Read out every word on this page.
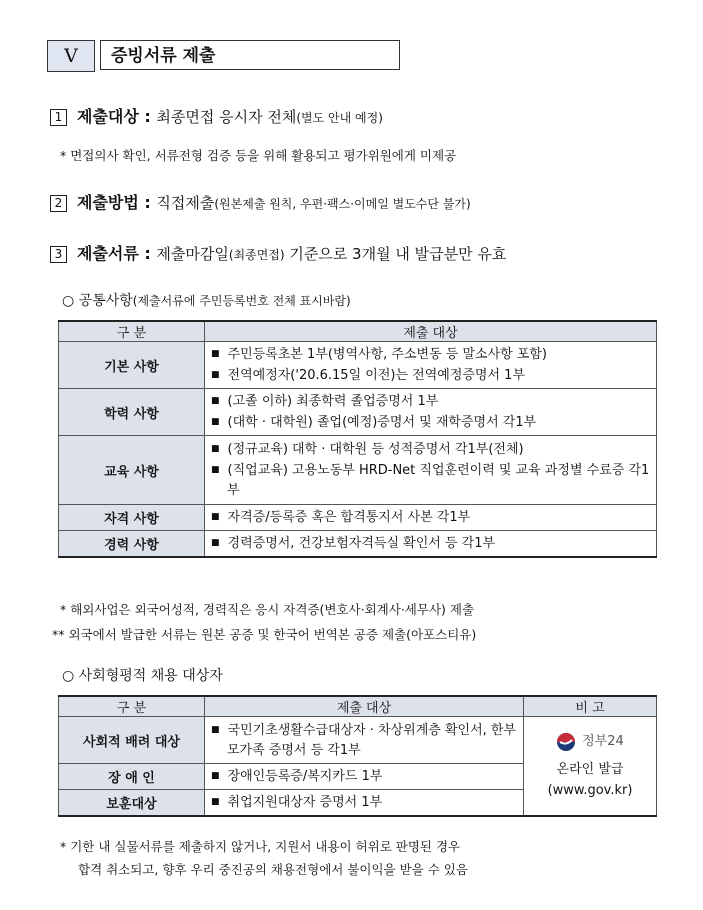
V	증빙서류 제출
1 제출대상 : 최종면접 응시자 전체(별도 안내 예정)
* 면접의사 확인, 서류전형 검증 등을 위해 활용되고 평가위원에게 미제공
2 제출방법 : 직접제출(원본제출 원칙, 우편·팩스·이메일 별도수단 불가)
3 제출서류 : 제출마감일(최종면접) 기준으로 3개월 내 발급분만 유효
○ 공통사항(제출서류에 주민등록번호 전체 표시바람)
구 분	제출 대상
기본 사항	■ 주민등록초본 1부(병역사항, 주소변동 등 말소사항 포함)
■ 전역예정자('20.6.15일 이전)는 전역예정증명서 1부

학력 사항	■ (고졸 이하) 최종학력 졸업증명서 1부
■ (대학 · 대학원) 졸업(예정)증명서 및 재학증명서 각1부

교육 사항	■ (정규교육) 대학 · 대학원 등 성적증명서 각1부(전체)
■ (직업교육) 고용노동부 HRD-Net 직업훈련이력 및 교육 과정별 수료증 각1부

자격 사항	■ 자격증/등록증 혹은 합격통지서 사본 각1부

경력 사항	■ 경력증명서, 건강보험자격득실 확인서 등 각1부
* 해외사업은 외국어성적, 경력직은 응시 자격증(변호사·회계사·세무사) 제출
** 외국에서 발급한 서류는 원본 공증 및 한국어 번역본 공증 제출(아포스티유)
○ 사회형평적 채용 대상자
구 분	제출 대상	비 고
사회적 배려 대상	■ 국민기초생활수급대상자 · 차상위계층 확인서, 한부모가족 증명서 등 각1부	정부24
온라인 발급
(www.gov.kr)

장 애 인	■ 장애인등록증/복지카드 1부	
보훈대상	■ 취업지원대상자 증명서 1부	
* 기한 내 실물서류를 제출하지 않거나, 지원서 내용이 허위로 판명된 경우
합격 취소되고, 향후 우리 중진공의 채용전형에서 불이익을 받을 수 있음
